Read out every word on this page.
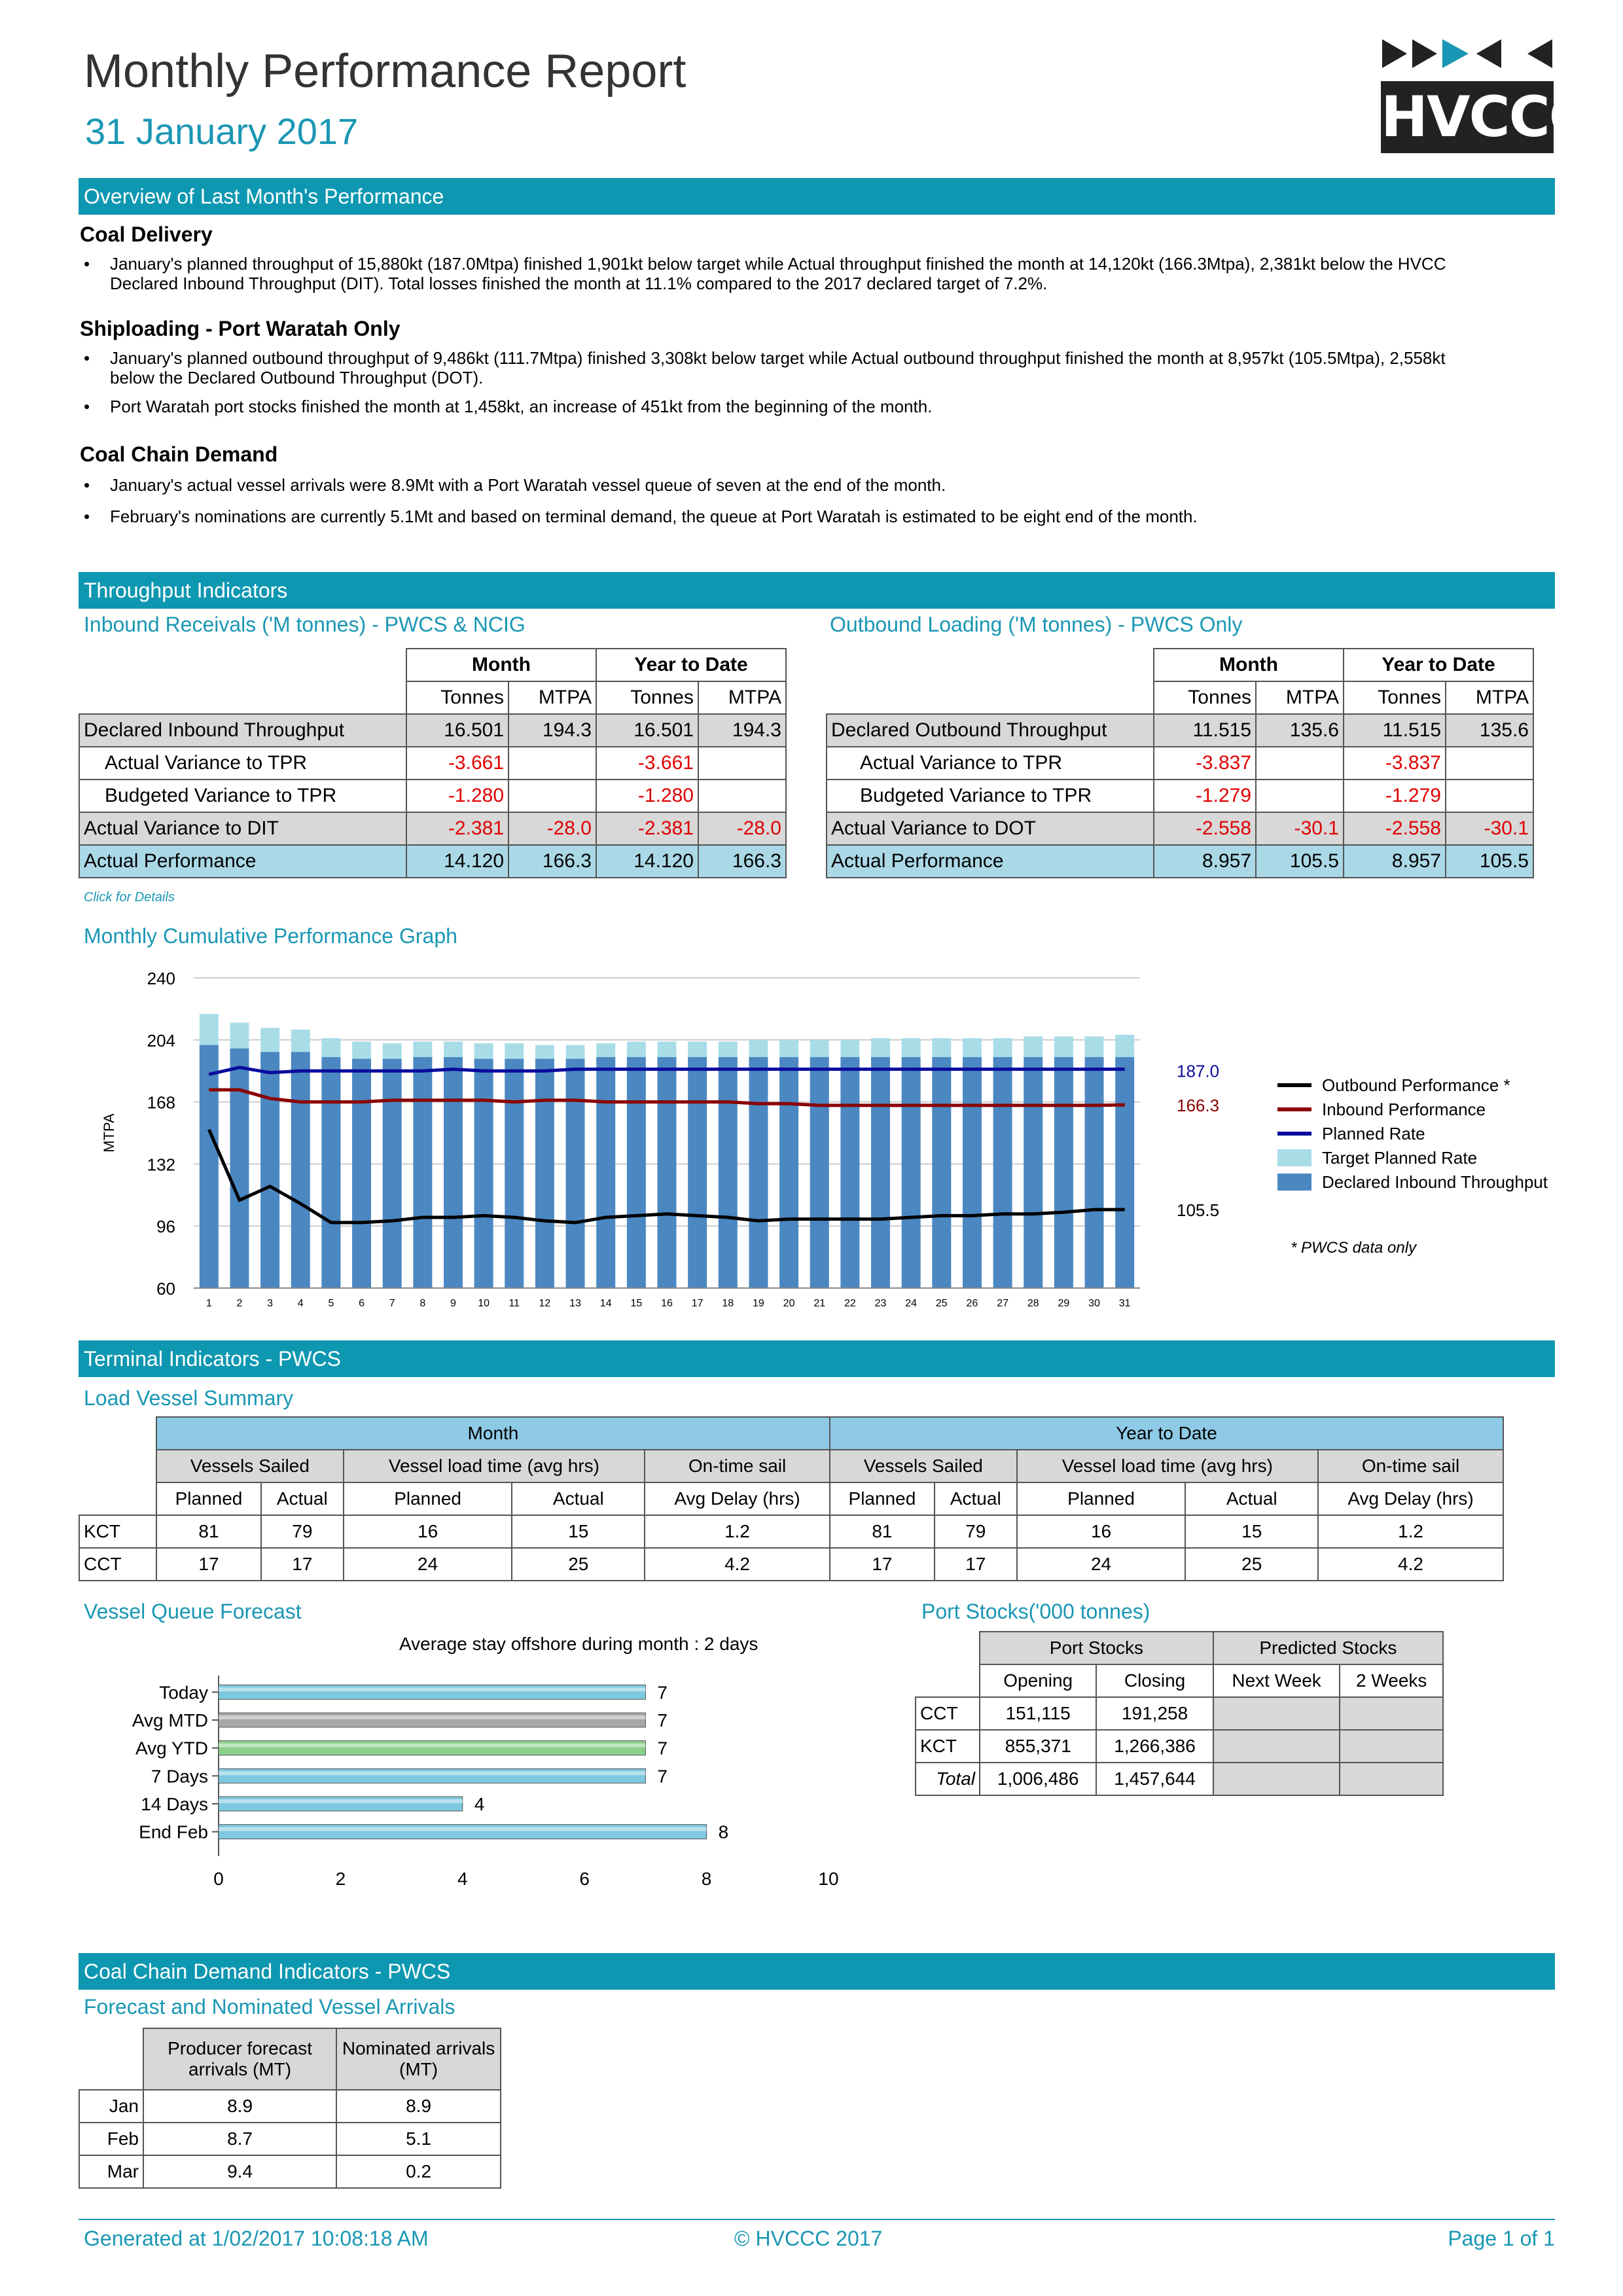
Monthly Performance Report
31 January 2017	HVCCC
Overview of Last Month's Performance
Coal Delivery
• January's planned throughput of 15,880kt (187.0Mtpa) finished 1,901kt below target while Actual throughput finished the month at 14,120kt (166.3Mtpa), 2,381kt below the HVCC Declared Inbound Throughput (DIT). Total losses finished the month at 11.1% compared to the 2017 declared target of 7.2%.
Shiploading - Port Waratah Only
• January's planned outbound throughput of 9,486kt (111.7Mtpa) finished 3,308kt below target while Actual outbound throughput finished the month at 8,957kt (105.5Mtpa), 2,558kt below the Declared Outbound Throughput (DOT).
• Port Waratah port stocks finished the month at 1,458kt, an increase of 451kt from the beginning of the month.
Coal Chain Demand
• January's actual vessel arrivals were 8.9Mt with a Port Waratah vessel queue of seven at the end of the month.
• February's nominations are currently 5.1Mt and based on terminal demand, the queue at Port Waratah is estimated to be eight end of the month.
Throughput Indicators
Inbound Receivals ('M tonnes) - PWCS & NCIG	Outbound Loading ('M tonnes) - PWCS Only
	Month		Year to Date	
	Tonnes	MTPA	Tonnes	MTPA
Declared Inbound Throughput	16.501	194.3	16.501	194.3
Actual Variance to TPR	-3.661		-3.661	
Budgeted Variance to TPR	-1.280		-1.280	
Actual Variance to DIT	-2.381	-28.0	-2.381	-28.0
Actual Performance	14.120	166.3	14.120	166.3
Click for Details
	Month		Year to Date	
	Tonnes	MTPA	Tonnes	MTPA
Declared Outbound Throughput	11.515	135.6	11.515	135.6
Actual Variance to TPR	-3.837		-3.837	
Budgeted Variance to TPR	-1.279		-1.279	
Actual Variance to DOT	-2.558	-30.1	-2.558	-30.1
Actual Performance	8.957	105.5	8.957	105.5
Monthly Cumulative Performance Graph
60
96
132
168
204
240
1 2 3 4 5 6 7 8 9 10 11 12 13 14 15 16 17 18 19 20 21 22 23 24 25 26 27 28 29 30 31
MTPA
187.0
166.3
105.5
Outbound Performance *
Inbound Performance
Planned Rate
Target Planned Rate
Declared Inbound Throughput
* PWCS data only
Terminal Indicators - PWCS
Load Vessel Summary
	Month					Year to Date				
	Vessels Sailed		Vessel load time (avg hrs)		On-time sail	Vessels Sailed		Vessel load time (avg hrs)		On-time sail
	Planned	Actual	Planned	Actual	Avg Delay (hrs)	Planned	Actual	Planned	Actual	Avg Delay (hrs)
KCT	81	79	16	15	1.2	81	79	16	15	1.2
CCT	17	17	24	25	4.2	17	17	24	25	4.2
Vessel Queue Forecast
Average stay offshore during month : 2 days
0	2	4	6	8	10
Today	7
Avg MTD	7
Avg YTD	7
7 Days	7
14 Days	4
End Feb	8
Port Stocks('000 tonnes)
	Port Stocks		Predicted Stocks	
	Opening	Closing	Next Week	2 Weeks
CCT	151,115	191,258		
KCT	855,371	1,266,386		
Total	1,006,486	1,457,644		
Coal Chain Demand Indicators - PWCS
Forecast and Nominated Vessel Arrivals
	Producer forecast arrivals (MT)	Nominated arrivals (MT)
Jan	8.9	8.9
Feb	8.7	5.1
Mar	9.4	0.2
Generated at 1/02/2017 10:08:18 AM	© HVCCC 2017	Page 1 of 1
